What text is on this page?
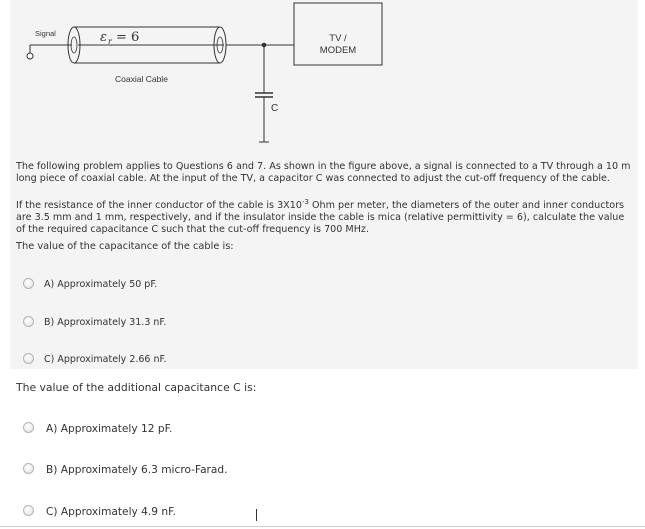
Signal	ε r = 6
Coaxial Cable
C
TV /
MODEM

The following problem applies to Questions 6 and 7. As shown in the figure above, a signal is connected to a TV through a 10 m long piece of coaxial cable. At the input of the TV, a capacitor C was connected to adjust the cut-off frequency of the cable.

If the resistance of the inner conductor of the cable is $3X10^{-3}$ Ohm per meter, the diameters of the outer and inner conductors are 3.5 mm and 1 mm, respectively, and if the insulator inside the cable is mica (relative permittivity = 6), calculate the value of the required capacitance C such that the cut-off frequency is 700 MHz.

The value of the capacitance of the cable is:
A) Approximately 50 pF.
B) Approximately 31.3 nF.
C) Approximately 2.66 nF.
The value of the additional capacitance C is:
A) Approximately 12 pF.
B) Approximately 6.3 micro-Farad.
C) Approximately 4.9 nF.
